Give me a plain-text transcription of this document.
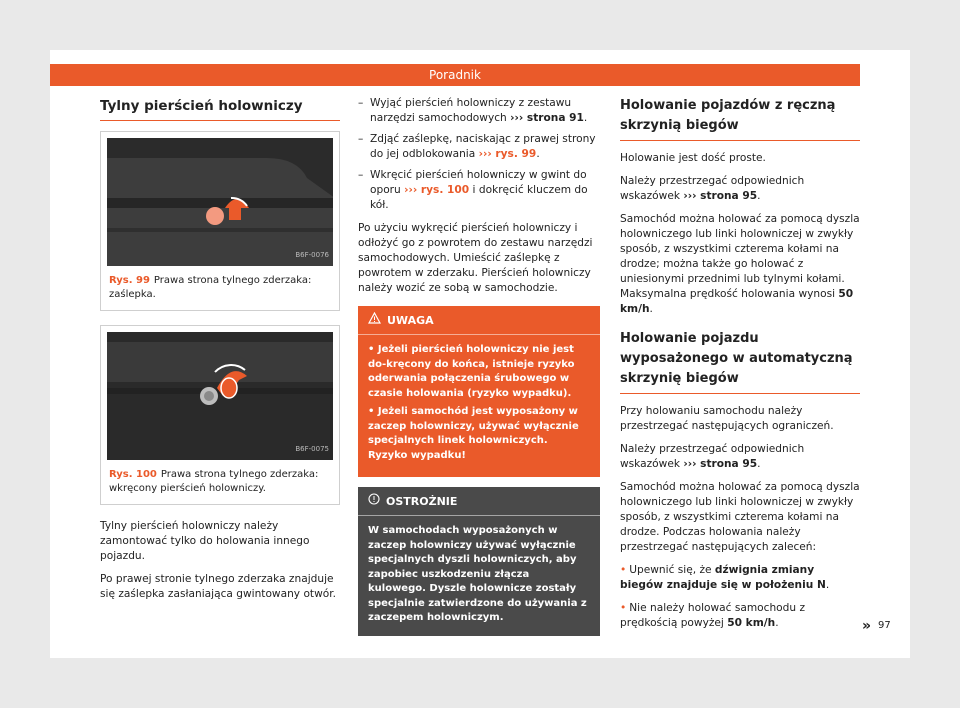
Poradnik
Tylny pierścień holowniczy
B6F-0076
Rys. 99 Prawa strona tylnego zderzaka: zaślepka.
B6F-0075
Rys. 100 Prawa strona tylnego zderzaka: wkręcony pierścień holowniczy.

Tylny pierścień holowniczy należy zamontować tylko do holowania innego pojazdu.

Po prawej stronie tylnego zderzaka znajduje się zaślepka zasłaniająca gwintowany otwór.

– Wyjąć pierścień holowniczy z zestawu narzędzi samochodowych ››› strona 91.
– Zdjąć zaślepkę, naciskając z prawej strony do jej odblokowania ››› rys. 99.
– Wkręcić pierścień holowniczy w gwint do oporu ››› rys. 100 i dokręcić kluczem do kół.

Po użyciu wykręcić pierścień holowniczy i odłożyć go z powrotem do zestawu narzędzi samochodowych. Umieścić zaślepkę z powrotem w zderzaku. Pierścień holowniczy należy wozić ze sobą w samochodzie.

UWAGA
• Jeżeli pierścień holowniczy nie jest do-kręcony do końca, istnieje ryzyko oderwania połączenia śrubowego w czasie holowania (ryzyko wypadku).
• Jeżeli samochód jest wyposażony w zaczep holowniczy, używać wyłącznie specjalnych linek holowniczych. Ryzyko wypadku!
OSTROŻNIE
W samochodach wyposażonych w zaczep holowniczy używać wyłącznie specjalnych dyszli holowniczych, aby zapobiec uszkodzeniu złącza kulowego. Dyszle holownicze zostały specjalnie zatwierdzone do używania z zaczepem holowniczym.
Holowanie pojazdów z ręczną skrzynią biegów

Holowanie jest dość proste.

Należy przestrzegać odpowiednich wskazówek ››› strona 95.

Samochód można holować za pomocą dyszla holowniczego lub linki holowniczej w zwykły sposób, z wszystkimi czterema kołami na drodze; można także go holować z uniesionymi przednimi lub tylnymi kołami. Maksymalna prędkość holowania wynosi 50 km/h.

Holowanie pojazdu wyposażonego w automatyczną skrzynię biegów

Przy holowaniu samochodu należy przestrzegać następujących ograniczeń.

Należy przestrzegać odpowiednich wskazówek ››› strona 95.

Samochód można holować za pomocą dyszla holowniczego lub linki holowniczej w zwykły sposób, z wszystkimi czterema kołami na drodze. Podczas holowania należy przestrzegać następujących zaleceń:

• Upewnić się, że dźwignia zmiany biegów znajduje się w położeniu N.

• Nie należy holować samochodu z prędkością powyżej 50 km/h.	» 97
